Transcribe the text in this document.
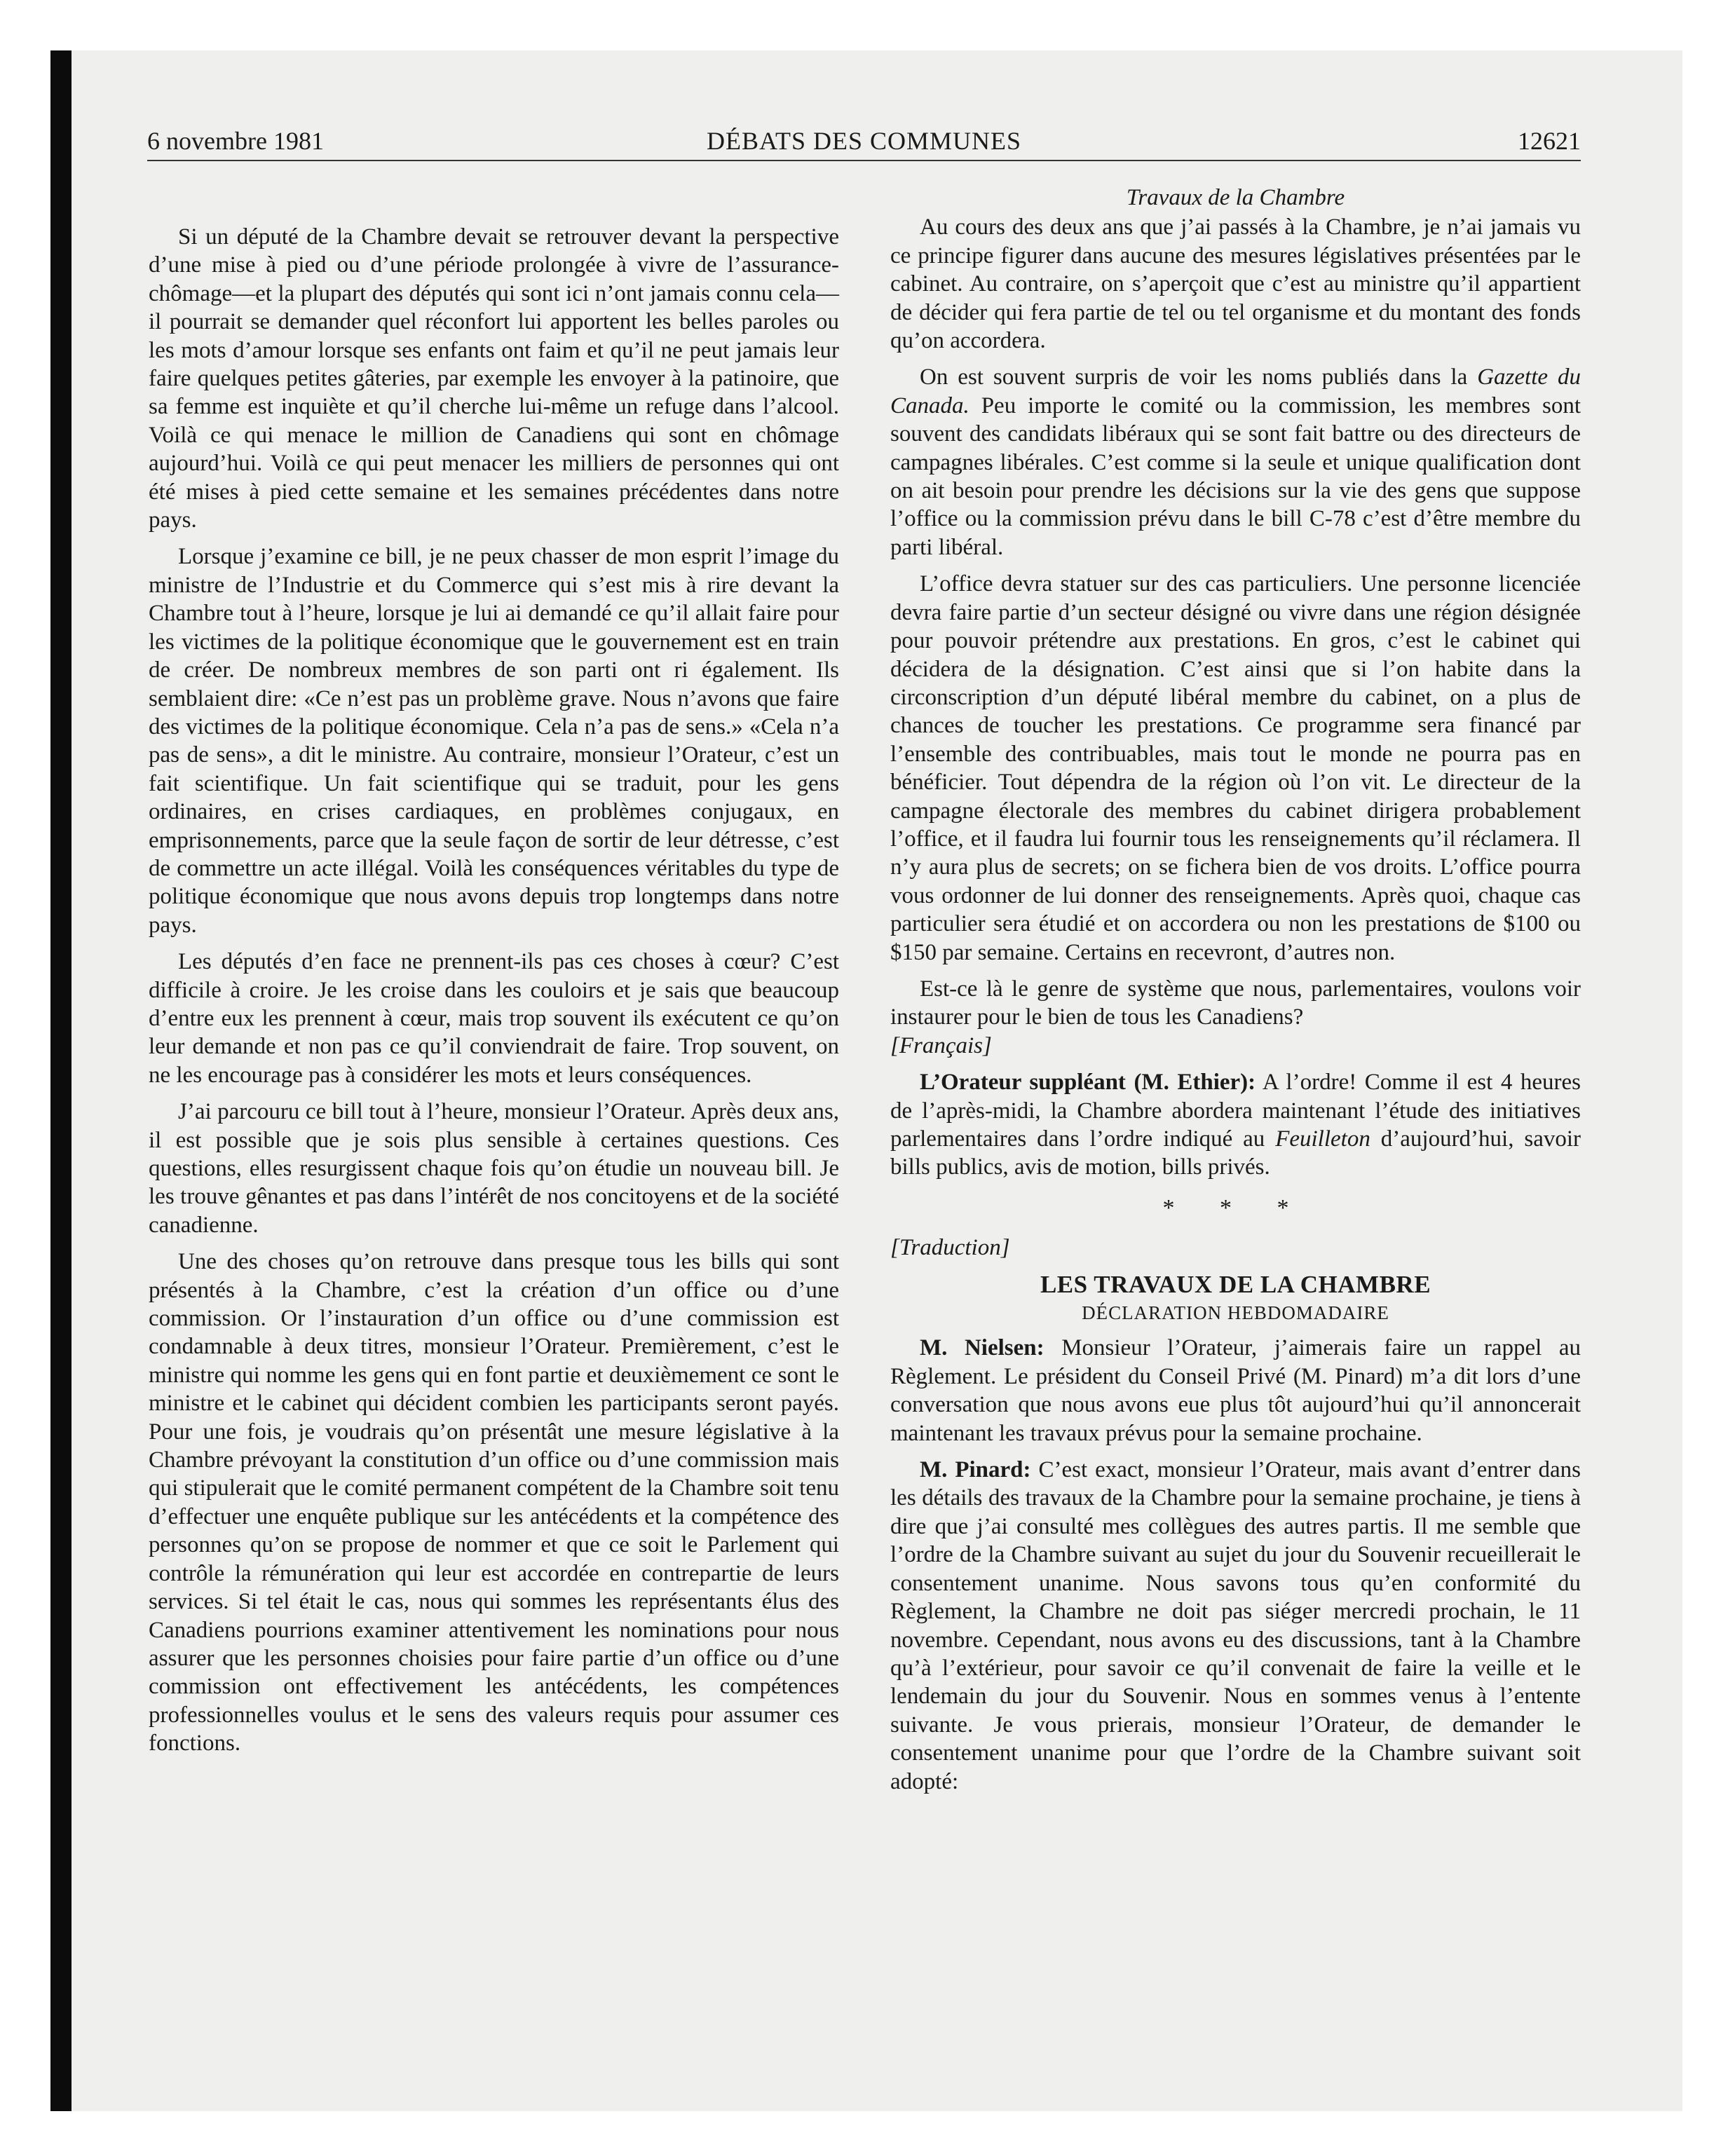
6 novembre 1981	DÉBATS DES COMMUNES	12621

Si un député de la Chambre devait se retrouver devant la perspective d’une mise à pied ou d’une période prolongée à vivre de l’assurance-chômage—et la plupart des députés qui sont ici n’ont jamais connu cela—il pourrait se demander quel réconfort lui apportent les belles paroles ou les mots d’amour lorsque ses enfants ont faim et qu’il ne peut jamais leur faire quelques petites gâteries, par exemple les envoyer à la patinoire, que sa femme est inquiète et qu’il cherche lui-même un refuge dans l’alcool. Voilà ce qui menace le million de Canadiens qui sont en chômage aujourd’hui. Voilà ce qui peut menacer les milliers de personnes qui ont été mises à pied cette semaine et les semaines précédentes dans notre pays.

Lorsque j’examine ce bill, je ne peux chasser de mon esprit l’image du ministre de l’Industrie et du Commerce qui s’est mis à rire devant la Chambre tout à l’heure, lorsque je lui ai demandé ce qu’il allait faire pour les victimes de la politique économique que le gouvernement est en train de créer. De nombreux membres de son parti ont ri également. Ils semblaient dire: «Ce n’est pas un problème grave. Nous n’avons que faire des victimes de la politique économique. Cela n’a pas de sens.» «Cela n’a pas de sens», a dit le ministre. Au contraire, monsieur l’Orateur, c’est un fait scientifique. Un fait scientifique qui se traduit, pour les gens ordinaires, en crises cardiaques, en problèmes conjugaux, en emprisonnements, parce que la seule façon de sortir de leur détresse, c’est de commettre un acte illégal. Voilà les conséquences véritables du type de politique économique que nous avons depuis trop longtemps dans notre pays.

Les députés d’en face ne prennent-ils pas ces choses à cœur? C’est difficile à croire. Je les croise dans les couloirs et je sais que beaucoup d’entre eux les prennent à cœur, mais trop souvent ils exécutent ce qu’on leur demande et non pas ce qu’il conviendrait de faire. Trop souvent, on ne les encourage pas à considérer les mots et leurs conséquences.

J’ai parcouru ce bill tout à l’heure, monsieur l’Orateur. Après deux ans, il est possible que je sois plus sensible à certaines questions. Ces questions, elles resurgissent chaque fois qu’on étudie un nouveau bill. Je les trouve gênantes et pas dans l’intérêt de nos concitoyens et de la société canadienne.

Une des choses qu’on retrouve dans presque tous les bills qui sont présentés à la Chambre, c’est la création d’un office ou d’une commission. Or l’instauration d’un office ou d’une commission est condamnable à deux titres, monsieur l’Orateur. Premièrement, c’est le ministre qui nomme les gens qui en font partie et deuxièmement ce sont le ministre et le cabinet qui décident combien les participants seront payés. Pour une fois, je voudrais qu’on présentât une mesure législative à la Chambre prévoyant la constitution d’un office ou d’une commission mais qui stipulerait que le comité permanent compétent de la Chambre soit tenu d’effectuer une enquête publique sur les antécédents et la compétence des personnes qu’on se propose de nommer et que ce soit le Parlement qui contrôle la rémunération qui leur est accordée en contrepartie de leurs services. Si tel était le cas, nous qui sommes les représentants élus des Canadiens pourrions examiner attentivement les nominations pour nous assurer que les personnes choisies pour faire partie d’un office ou d’une commission ont effectivement les antécédents, les compétences professionnelles voulus et le sens des valeurs requis pour assumer ces fonctions.

Travaux de la Chambre

Au cours des deux ans que j’ai passés à la Chambre, je n’ai jamais vu ce principe figurer dans aucune des mesures législatives présentées par le cabinet. Au contraire, on s’aperçoit que c’est au ministre qu’il appartient de décider qui fera partie de tel ou tel organisme et du montant des fonds qu’on accordera.

On est souvent surpris de voir les noms publiés dans la Gazette du Canada. Peu importe le comité ou la commission, les membres sont souvent des candidats libéraux qui se sont fait battre ou des directeurs de campagnes libérales. C’est comme si la seule et unique qualification dont on ait besoin pour prendre les décisions sur la vie des gens que suppose l’office ou la commission prévu dans le bill C-78 c’est d’être membre du parti libéral.

L’office devra statuer sur des cas particuliers. Une personne licenciée devra faire partie d’un secteur désigné ou vivre dans une région désignée pour pouvoir prétendre aux prestations. En gros, c’est le cabinet qui décidera de la désignation. C’est ainsi que si l’on habite dans la circonscription d’un député libéral membre du cabinet, on a plus de chances de toucher les prestations. Ce programme sera financé par l’ensemble des contribuables, mais tout le monde ne pourra pas en bénéficier. Tout dépendra de la région où l’on vit. Le directeur de la campagne électorale des membres du cabinet dirigera probablement l’office, et il faudra lui fournir tous les renseignements qu’il réclamera. Il n’y aura plus de secrets; on se fichera bien de vos droits. L’office pourra vous ordonner de lui donner des renseignements. Après quoi, chaque cas particulier sera étudié et on accordera ou non les prestations de $100 ou $150 par semaine. Certains en recevront, d’autres non.

Est-ce là le genre de système que nous, parlementaires, voulons voir instaurer pour le bien de tous les Canadiens?

[Français]

L’Orateur suppléant (M. Ethier): A l’ordre! Comme il est 4 heures de l’après-midi, la Chambre abordera maintenant l’étude des initiatives parlementaires dans l’ordre indiqué au Feuilleton d’aujourd’hui, savoir bills publics, avis de motion, bills privés.

* * *

[Traduction]

LES TRAVAUX DE LA CHAMBRE
DÉCLARATION HEBDOMADAIRE

M. Nielsen: Monsieur l’Orateur, j’aimerais faire un rappel au Règlement. Le président du Conseil Privé (M. Pinard) m’a dit lors d’une conversation que nous avons eue plus tôt aujourd’hui qu’il annoncerait maintenant les travaux prévus pour la semaine prochaine.

M. Pinard: C’est exact, monsieur l’Orateur, mais avant d’entrer dans les détails des travaux de la Chambre pour la semaine prochaine, je tiens à dire que j’ai consulté mes collègues des autres partis. Il me semble que l’ordre de la Chambre suivant au sujet du jour du Souvenir recueillerait le consentement unanime. Nous savons tous qu’en conformité du Règlement, la Chambre ne doit pas siéger mercredi prochain, le 11 novembre. Cependant, nous avons eu des discussions, tant à la Chambre qu’à l’extérieur, pour savoir ce qu’il convenait de faire la veille et le lendemain du jour du Souvenir. Nous en sommes venus à l’entente suivante. Je vous prierais, monsieur l’Orateur, de demander le consentement unanime pour que l’ordre de la Chambre suivant soit adopté:
